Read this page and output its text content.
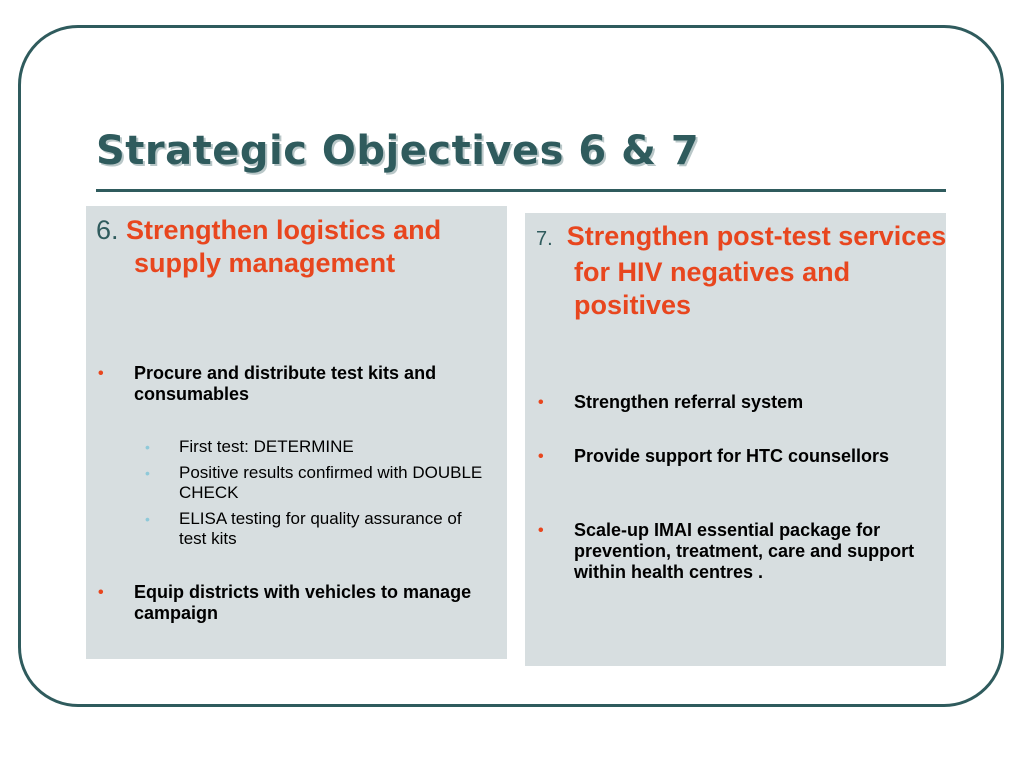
Strategic Objectives 6 & 7

6. Strengthen logistics and supply management

• Procure and distribute test kits and consumables
• First test: DETERMINE
• Positive results confirmed with DOUBLE CHECK
• ELISA testing for quality assurance of test kits
• Equip districts with vehicles to manage campaign

7. Strengthen post-test services for HIV negatives and positives

• Strengthen referral system
• Provide support for HTC counsellors
• Scale-up IMAI essential package for prevention, treatment, care and support within health centres .
